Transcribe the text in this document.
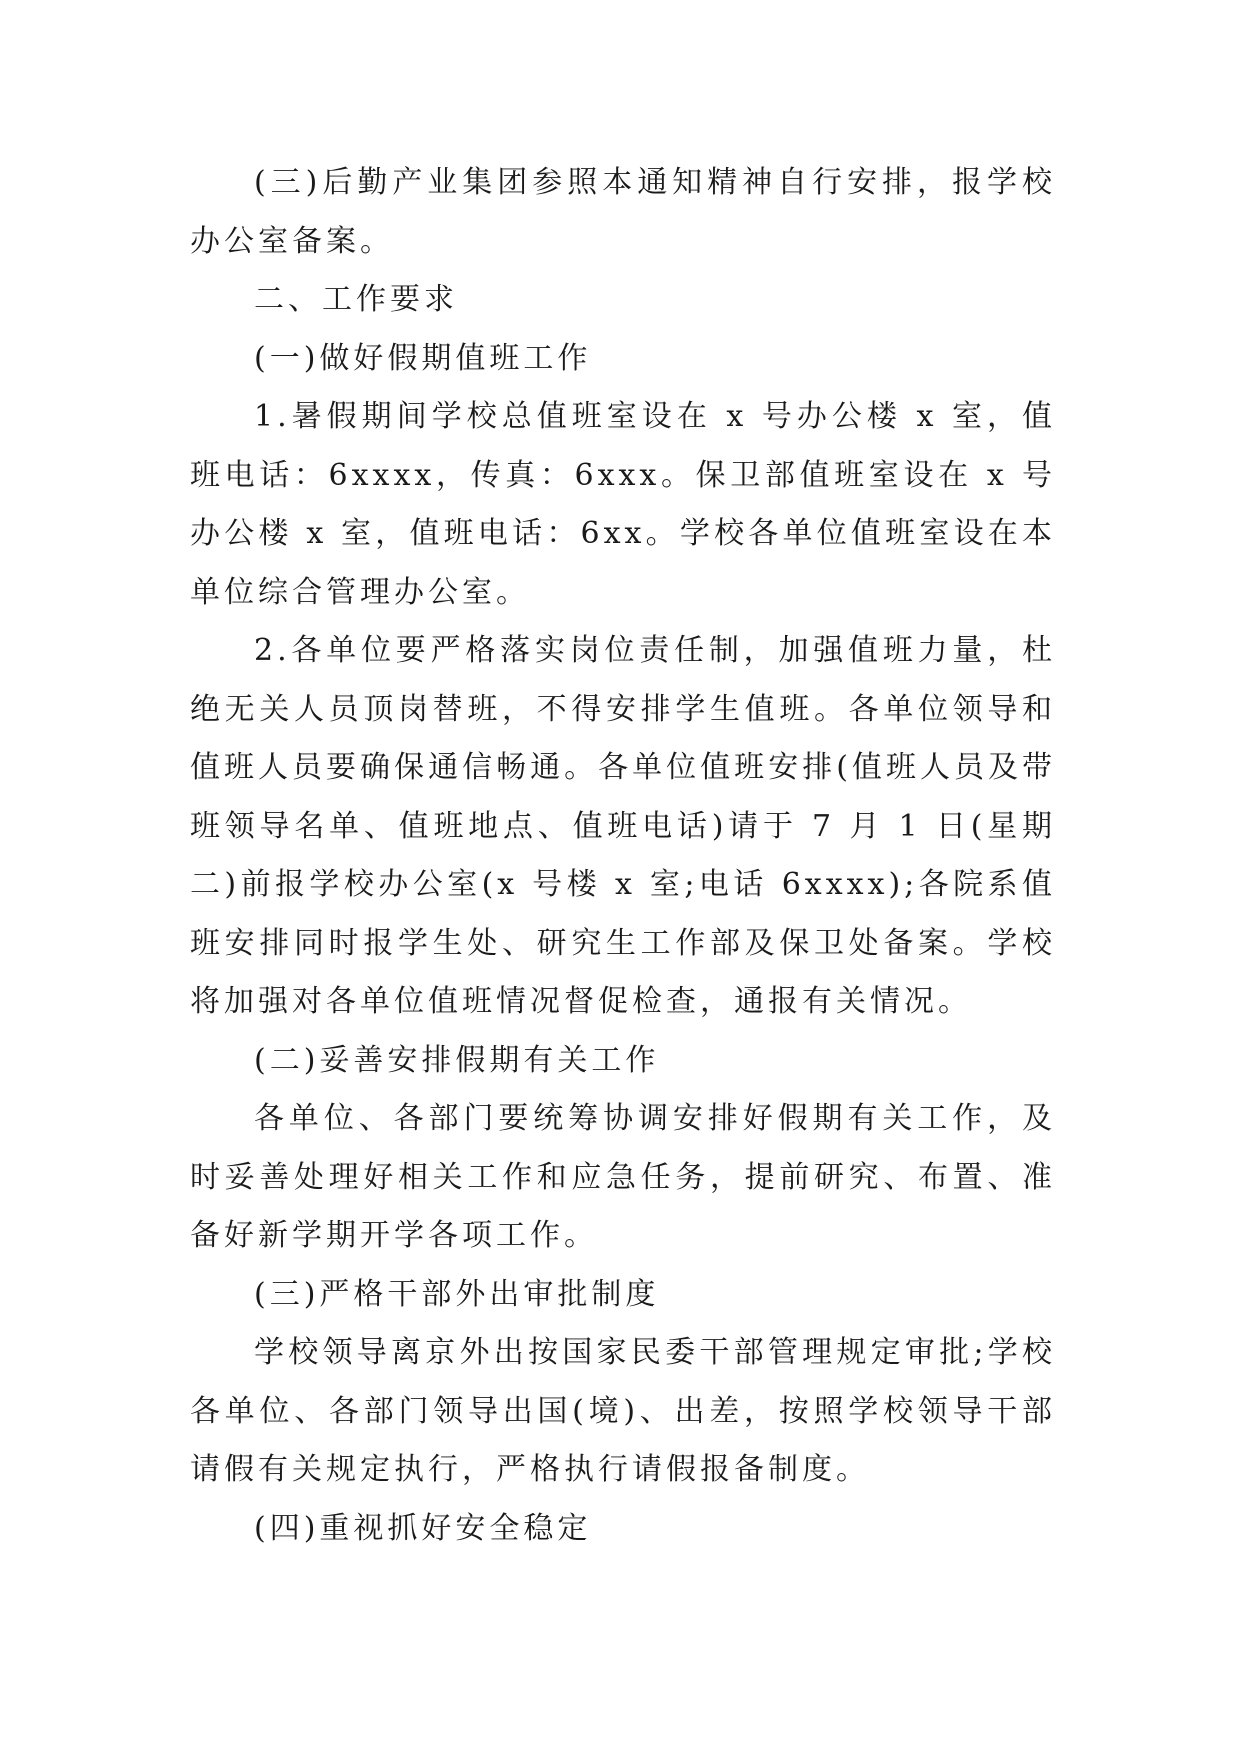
(三)后勤产业集团参照本通知精神自行安排，报学校办公室备案。

二、工作要求

(一)做好假期值班工作

1.暑假期间学校总值班室设在 x 号办公楼 x 室，值班电话：6xxxx，传真：6xxx。保卫部值班室设在 x 号办公楼 x 室，值班电话：6xx。学校各单位值班室设在本单位综合管理办公室。

2.各单位要严格落实岗位责任制，加强值班力量，杜绝无关人员顶岗替班，不得安排学生值班。各单位领导和值班人员要确保通信畅通。各单位值班安排(值班人员及带班领导名单、值班地点、值班电话)请于 7 月 1 日(星期二)前报学校办公室(x 号楼 x 室;电话 6xxxx);各院系值班安排同时报学生处、研究生工作部及保卫处备案。学校将加强对各单位值班情况督促检查，通报有关情况。

(二)妥善安排假期有关工作

各单位、各部门要统筹协调安排好假期有关工作，及时妥善处理好相关工作和应急任务，提前研究、布置、准备好新学期开学各项工作。

(三)严格干部外出审批制度

学校领导离京外出按国家民委干部管理规定审批;学校各单位、各部门领导出国(境)、出差，按照学校领导干部请假有关规定执行，严格执行请假报备制度。

(四)重视抓好安全稳定
